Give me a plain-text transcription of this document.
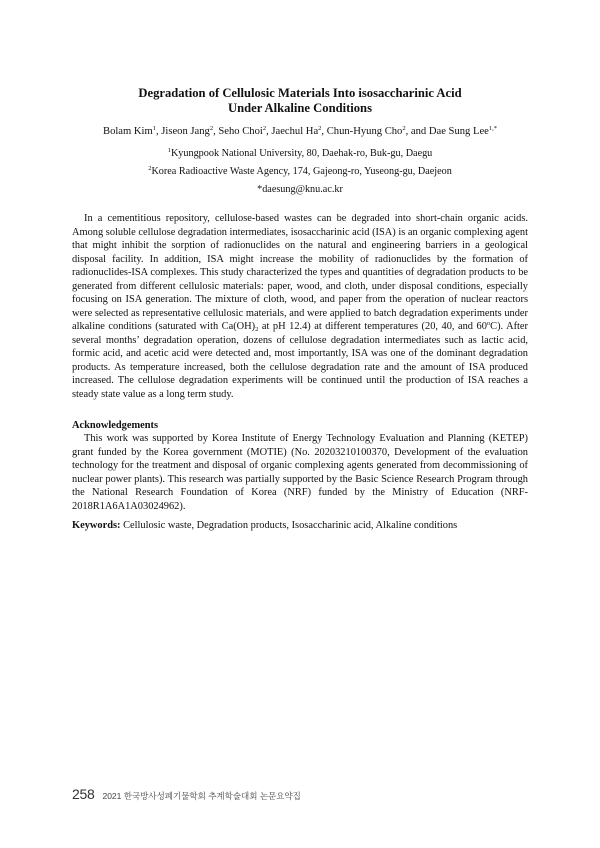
Degradation of Cellulosic Materials Into isosaccharinic Acid
Under Alkaline Conditions
Bolam Kim$^1$, Jiseon Jang$^2$, Seho Choi$^2$, Jaechul Ha$^2$, Chun-Hyung Cho$^2$, and Dae Sung Lee$^{1,*}$
$^1$Kyungpook National University, 80, Daehak-ro, Buk-gu, Daegu
$^2$Korea Radioactive Waste Agency, 174, Gajeong-ro, Yuseong-gu, Daejeon
*daesung@knu.ac.kr

In a cementitious repository, cellulose-based wastes can be degraded into short-chain organic acids. Among soluble cellulose degradation intermediates, isosaccharinic acid (ISA) is an organic complexing agent that might inhibit the sorption of radionuclides on the natural and engineering barriers in a geological disposal facility. In addition, ISA might increase the mobility of radionuclides by the formation of radionuclides-ISA complexes. This study characterized the types and quantities of degradation products to be generated from different cellulosic materials: paper, wood, and cloth, under disposal conditions, especially focusing on ISA generation. The mixture of cloth, wood, and paper from the operation of nuclear reactors were selected as representative cellulosic materials, and were applied to batch degradation experiments under alkaline conditions (saturated with $Ca(OH)_2$ at pH 12.4) at different temperatures (20, 40, and 60$^o$C). After several months’ degradation operation, dozens of cellulose degradation intermediates such as lactic acid, formic acid, and acetic acid were detected and, most importantly, ISA was one of the dominant degradation products. As temperature increased, both the cellulose degradation rate and the amount of ISA produced increased. The cellulose degradation experiments will be continued until the production of ISA reaches a steady state value as a long term study.

Acknowledgements

This work was supported by Korea Institute of Energy Technology Evaluation and Planning (KETEP) grant funded by the Korea government (MOTIE) (No. 20203210100370, Development of the evaluation technology for the treatment and disposal of organic complexing agents generated from decommissioning of nuclear power plants). This research was partially supported by the Basic Science Research Program through the National Research Foundation of Korea (NRF) funded by the Ministry of Education (NRF-2018R1A6A1A03024962).

Keywords: Cellulosic waste, Degradation products, Isosaccharinic acid, Alkaline conditions
258 2021 한국방사성폐기물학회 추계학술대회 논문요약집
